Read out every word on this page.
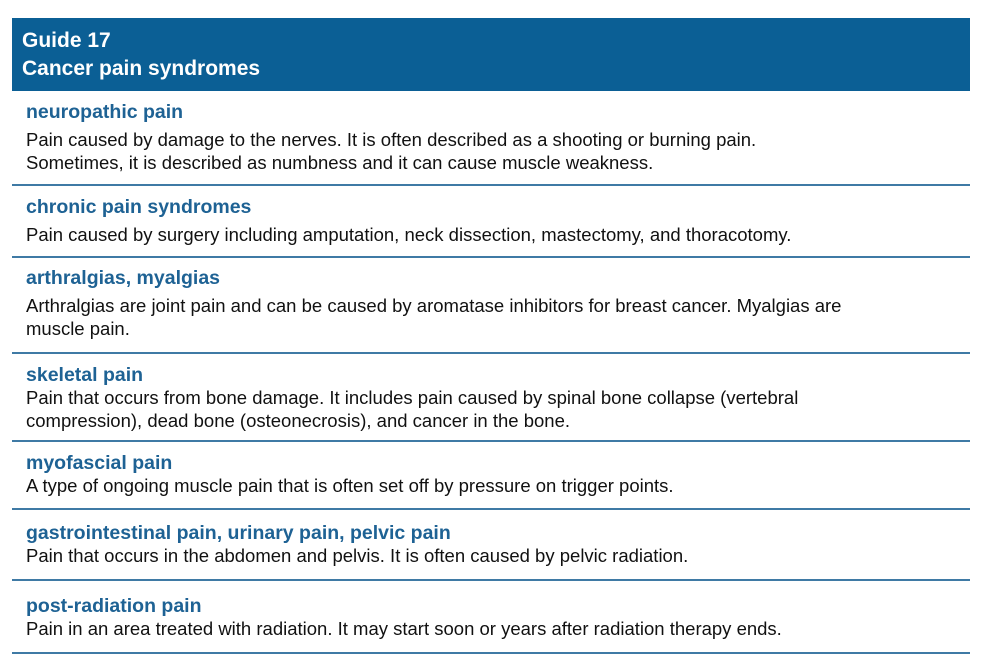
Guide 17
Cancer pain syndromes
neuropathic pain
Pain caused by damage to the nerves. It is often described as a shooting or burning pain.
Sometimes, it is described as numbness and it can cause muscle weakness.
chronic pain syndromes
Pain caused by surgery including amputation, neck dissection, mastectomy, and thoracotomy.
arthralgias, myalgias
Arthralgias are joint pain and can be caused by aromatase inhibitors for breast cancer. Myalgias are
muscle pain.
skeletal pain
Pain that occurs from bone damage. It includes pain caused by spinal bone collapse (vertebral
compression), dead bone (osteonecrosis), and cancer in the bone.
myofascial pain
A type of ongoing muscle pain that is often set off by pressure on trigger points.
gastrointestinal pain, urinary pain, pelvic pain
Pain that occurs in the abdomen and pelvis. It is often caused by pelvic radiation.
post-radiation pain
Pain in an area treated with radiation. It may start soon or years after radiation therapy ends.
